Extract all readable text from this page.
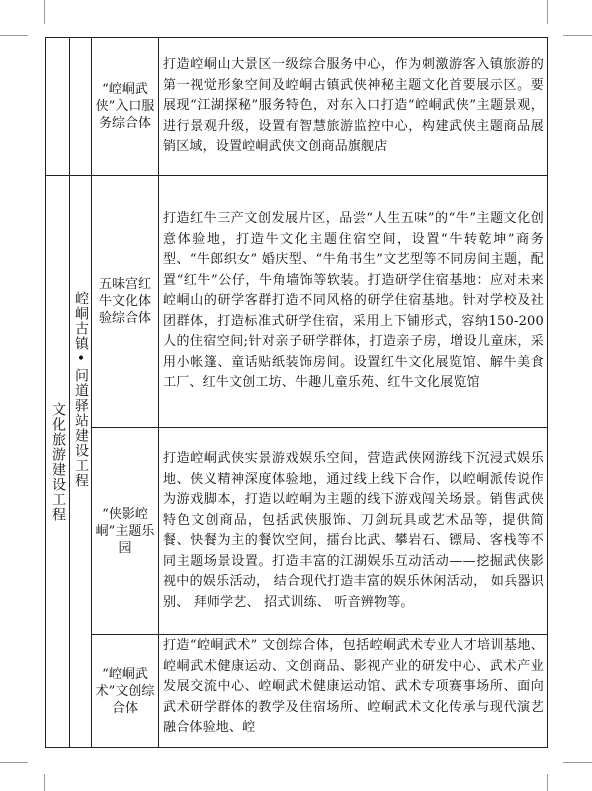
		“崆峒武侠”入口服务综合体	打造崆峒山大景区一级综合服务中心，作为刺激游客入镇旅游的第一视觉形象空间及崆峒古镇武侠神秘主题文化首要展示区。要展现“江湖探秘”服务特色，对东入口打造“崆峒武侠”主题景观，进行景观升级，设置有智慧旅游监控中心，构建武侠主题商品展销区域，设置崆峒武侠文创商品旗舰店

文化旅游建设工程	崆峒古镇•问道驿站建设工程	五味宫红牛文化体验综合体	打造红牛三产文创发展片区，品尝“人生五味”的“牛”主题文化创意体验地，打造牛文化主题住宿空间，设置“牛转乾坤”商务型、“牛郎织女” 婚庆型、“牛角书生”文艺型等不同房间主题，配置“红牛”公仔，牛角墙饰等软装。打造研学住宿基地：应对未来崆峒山的研学客群打造不同风格的研学住宿基地。针对学校及社团群体，打造标准式研学住宿，采用上下铺形式，容纳150-200 人的住宿空间;针对亲子研学群体，打造亲子房，增设儿童床，采用小帐篷、童话贴纸装饰房间。设置红牛文化展览馆、解牛美食工厂、红牛文创工坊、牛趣儿童乐苑、红牛文化展览馆
		“侠影崆峒”主题乐园	打造崆峒武侠实景游戏娱乐空间，营造武侠网游线下沉浸式娱乐地、侠义精神深度体验地，通过线上线下合作，以崆峒派传说作为游戏脚本，打造以崆峒为主题的线下游戏闯关场景。销售武侠特色文创商品，包括武侠服饰、刀剑玩具或艺术品等，提供简餐、快餐为主的餐饮空间，擂台比武、攀岩石、镖局、客栈等不同主题场景设置。打造丰富的江湖娱乐互动活动——挖掘武侠影视中的娱乐活动， 结合现代打造丰富的娱乐休闲活动， 如兵器识别、 拜师学艺、 招式训练、 听音辨物等。
		“崆峒武术”文创综合体	打造“崆峒武术” 文创综合体，包括崆峒武术专业人才培训基地、崆峒武术健康运动、文创商品、影视产业的研发中心、武术产业发展交流中心、崆峒武术健康运动馆、武术专项赛事场所、面向武术研学群体的教学及住宿场所、崆峒武术文化传承与现代演艺融合体验地、崆
